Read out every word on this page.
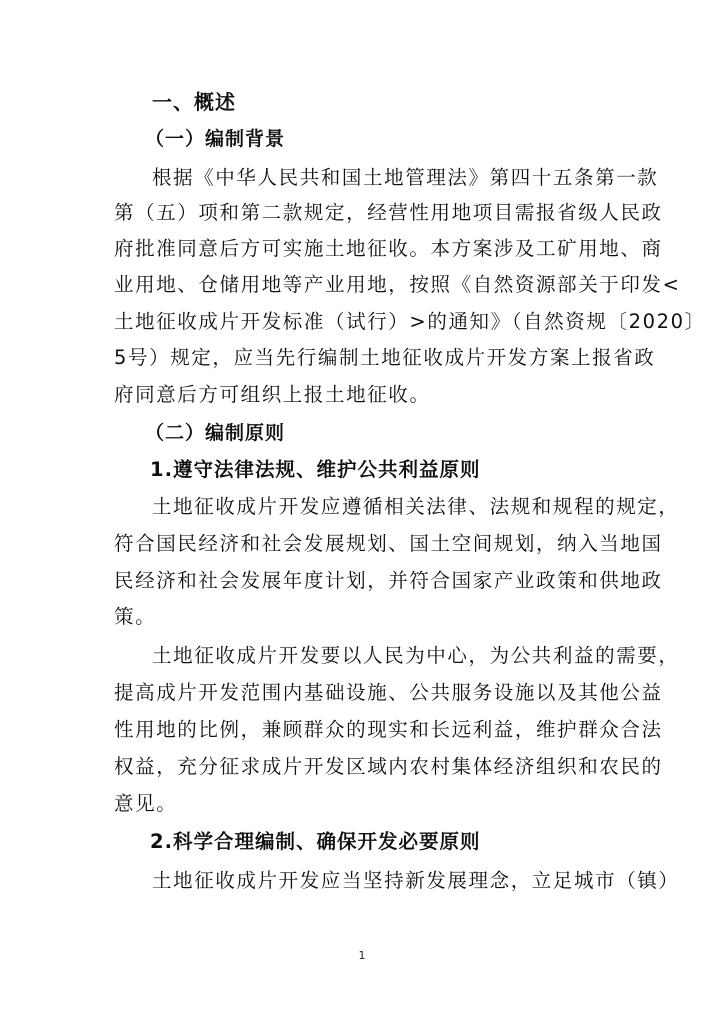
一、概述
（一）编制背景
根据《中华人民共和国土地管理法》第四十五条第一款
第（五）项和第二款规定，经营性用地项目需报省级人民政
府批准同意后方可实施土地征收。本方案涉及工矿用地、商
业用地、仓储用地等产业用地，按照《自然资源部关于印发<
土地征收成片开发标准（试行）>的通知》（自然资规〔2020〕
5号）规定，应当先行编制土地征收成片开发方案上报省政
府同意后方可组织上报土地征收。
（二）编制原则
1.遵守法律法规、维护公共利益原则
土地征收成片开发应遵循相关法律、法规和规程的规定，
符合国民经济和社会发展规划、国土空间规划，纳入当地国
民经济和社会发展年度计划，并符合国家产业政策和供地政
策。
土地征收成片开发要以人民为中心，为公共利益的需要，
提高成片开发范围内基础设施、公共服务设施以及其他公益
性用地的比例，兼顾群众的现实和长远利益，维护群众合法
权益，充分征求成片开发区域内农村集体经济组织和农民的
意见。
2.科学合理编制、确保开发必要原则
土地征收成片开发应当坚持新发展理念，立足城市（镇）
1
